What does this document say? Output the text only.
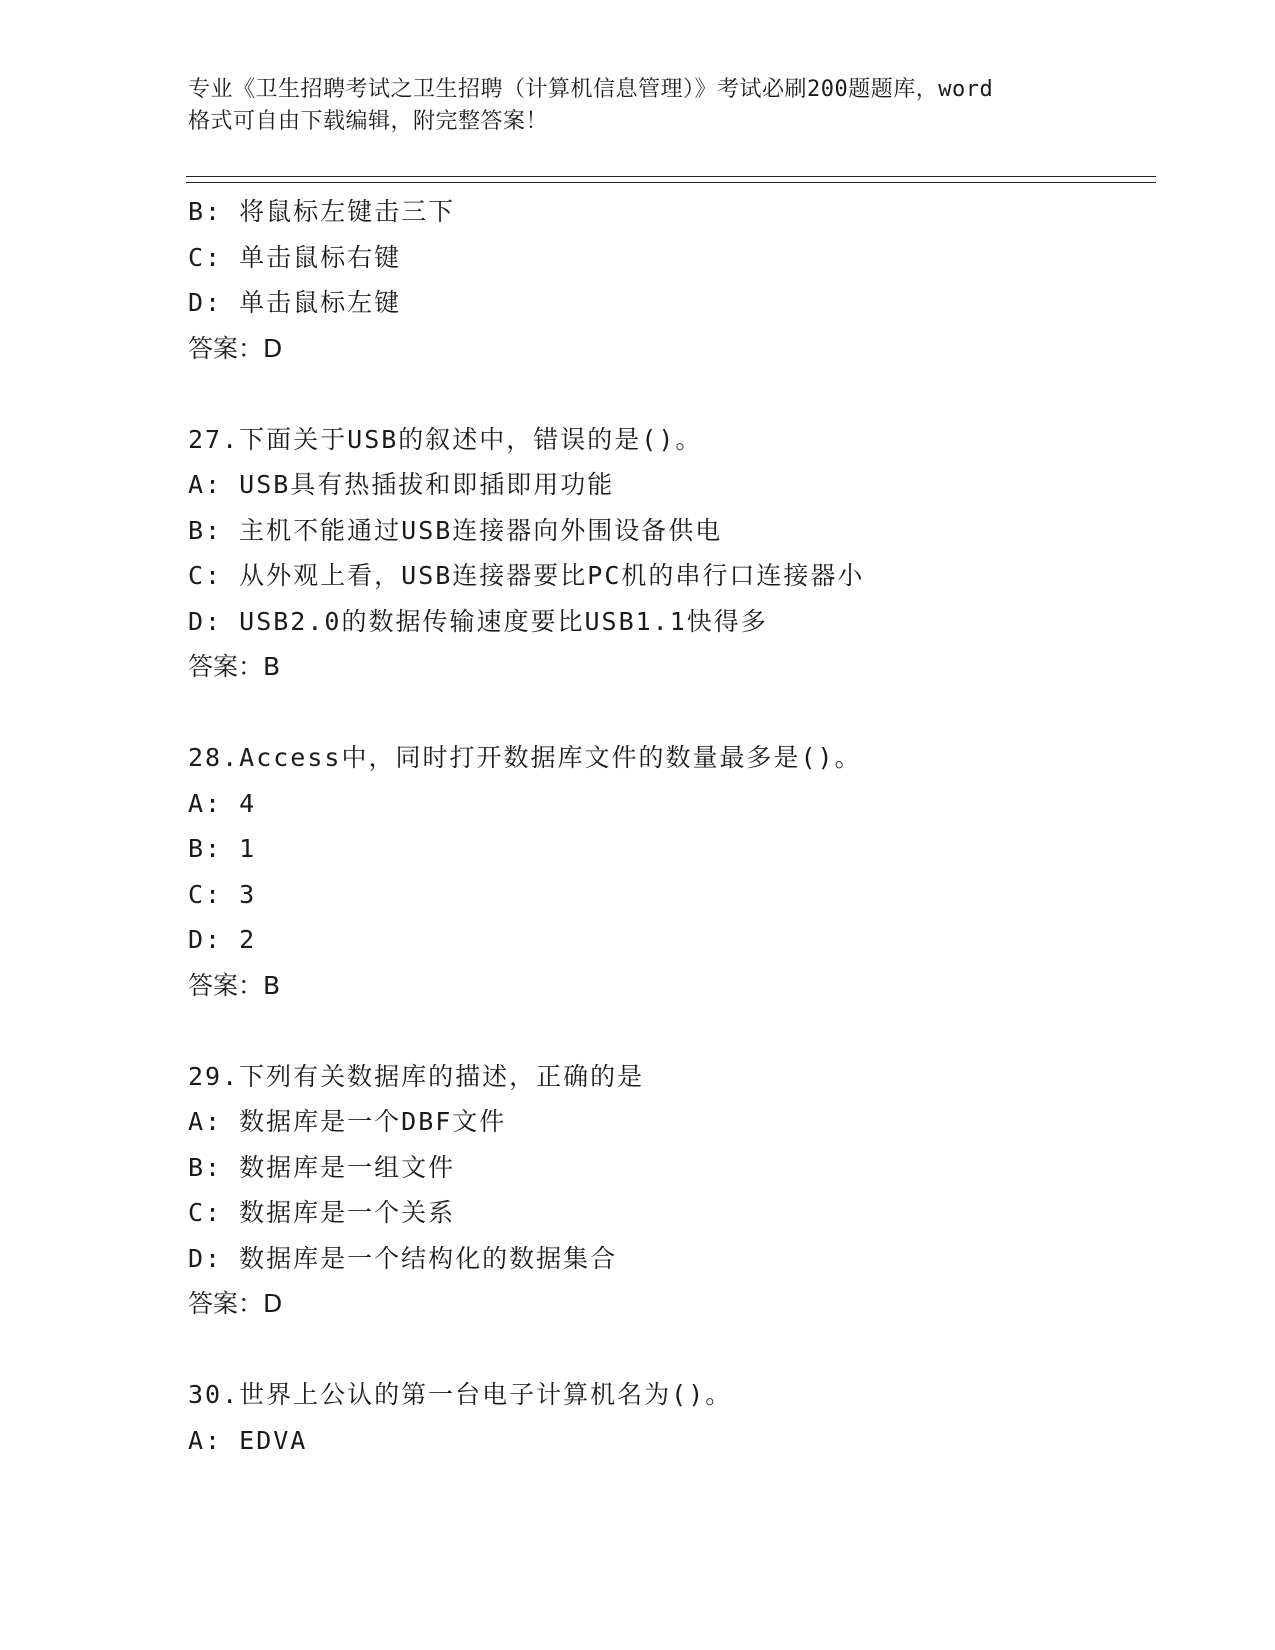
专业《卫生招聘考试之卫生招聘（计算机信息管理）》考试必刷200题题库，word
格式可自由下载编辑，附完整答案！
B: 将鼠标左键击三下
C: 单击鼠标右键
D: 单击鼠标左键
答案：D
27.下面关于USB的叙述中，错误的是()。
A: USB具有热插拔和即插即用功能
B: 主机不能通过USB连接器向外围设备供电
C: 从外观上看，USB连接器要比PC机的串行口连接器小
D: USB2.0的数据传输速度要比USB1.1快得多
答案：B
28.Access中，同时打开数据库文件的数量最多是()。
A: 4
B: 1
C: 3
D: 2
答案：B
29.下列有关数据库的描述，正确的是
A: 数据库是一个DBF文件
B: 数据库是一组文件
C: 数据库是一个关系
D: 数据库是一个结构化的数据集合
答案：D
30.世界上公认的第一台电子计算机名为()。
A: EDVA
